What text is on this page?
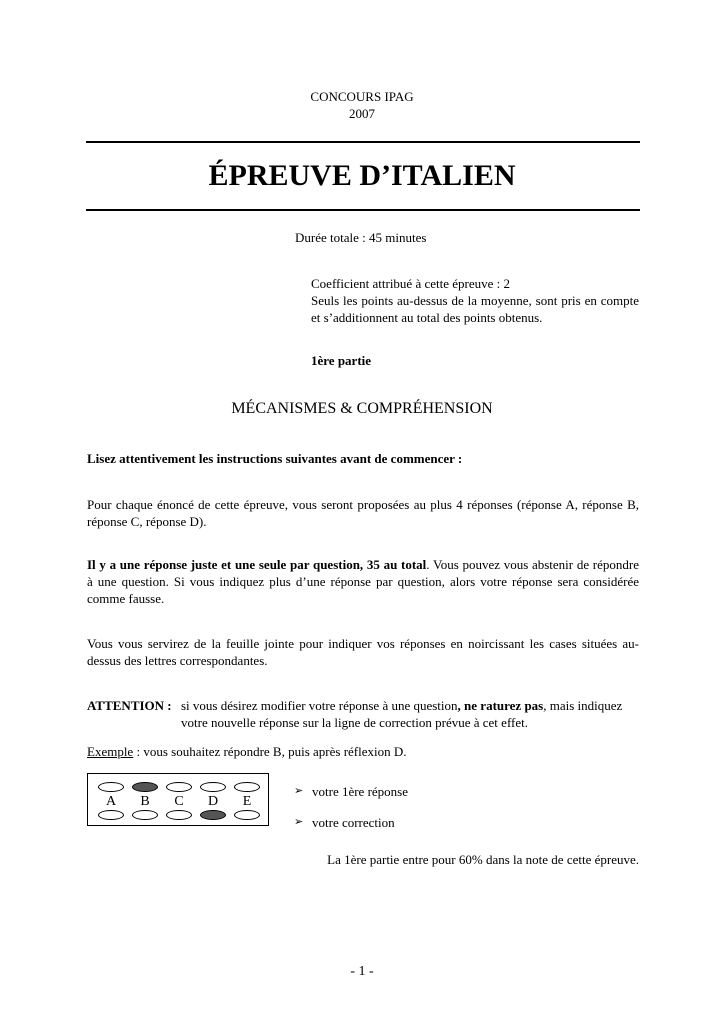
CONCOURS IPAG
2007
ÉPREUVE D’ITALIEN
Durée totale : 45 minutes
Coefficient attribué à cette épreuve : 2
Seuls les points au-dessus de la moyenne, sont pris en compte et s’additionnent au total des points obtenus.
1ère partie
MÉCANISMES & COMPRÉHENSION
Lisez attentivement les instructions suivantes avant de commencer :
Pour chaque énoncé de cette épreuve, vous seront proposées au plus 4 réponses (réponse A, réponse B, réponse C, réponse D).
Il y a une réponse juste et une seule par question, 35 au total. Vous pouvez vous abstenir de répondre à une question. Si vous indiquez plus d’une réponse par question, alors votre réponse sera considérée comme fausse.
Vous vous servirez de la feuille jointe pour indiquer vos réponses en noircissant les cases situées au-dessus des lettres correspondantes.
ATTENTION : si vous désirez modifier votre réponse à une question, ne raturez pas, mais indiquez
votre nouvelle réponse sur la ligne de correction prévue à cet effet.
Exemple : vous souhaitez répondre B, puis après réflexion D.
A	B	C	D	E
➢ votre 1ère réponse
➢ votre correction
La 1ère partie entre pour 60% dans la note de cette épreuve.
- 1 -
